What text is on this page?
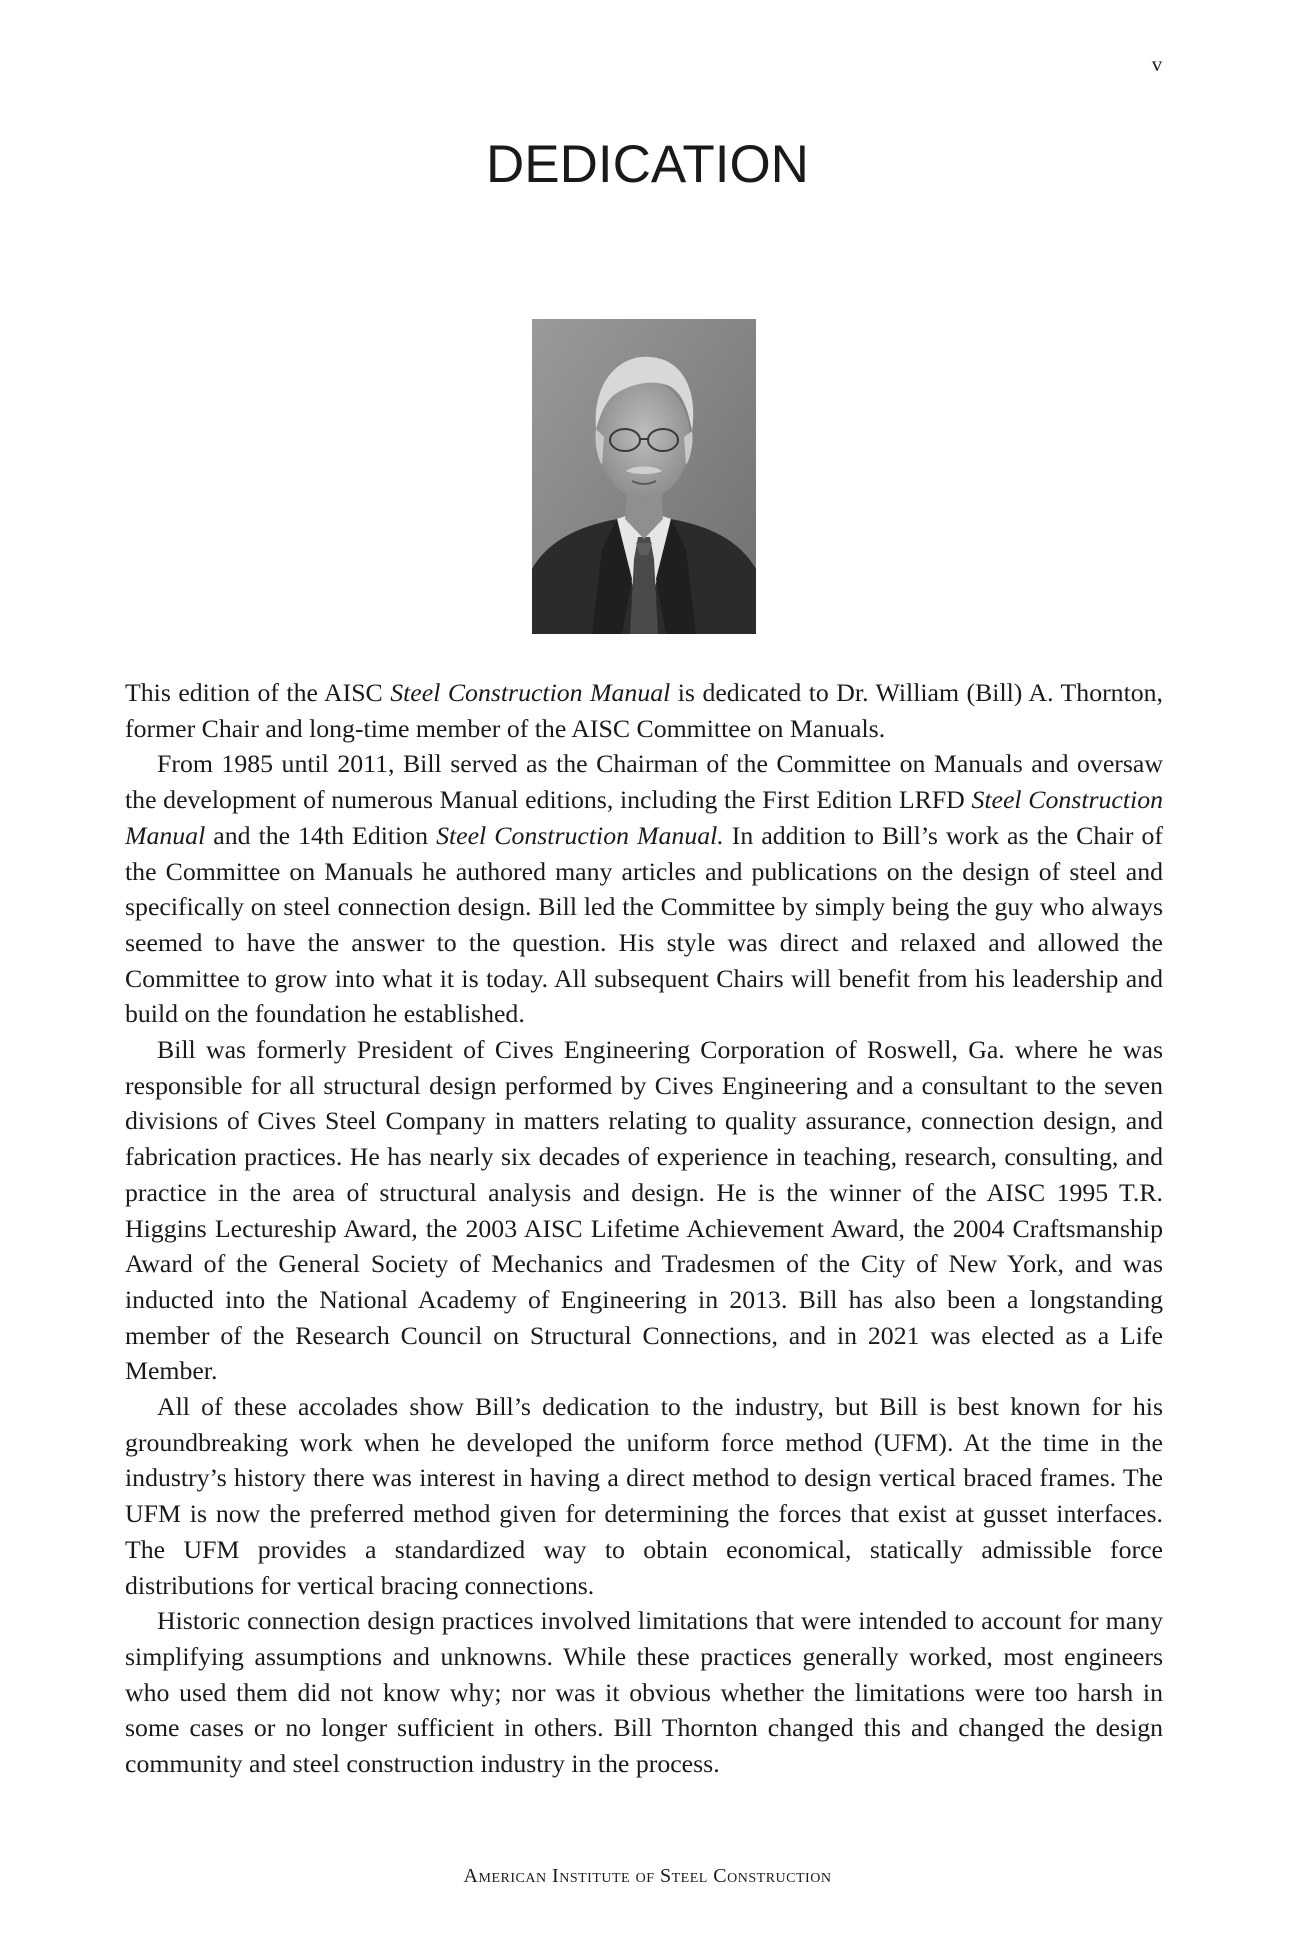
v
DEDICATION

This edition of the AISC Steel Construction Manual is dedicated to Dr. William (Bill) A. Thornton, former Chair and long-time member of the AISC Committee on Manuals.

From 1985 until 2011, Bill served as the Chairman of the Committee on Manuals and oversaw the development of numerous Manual editions, including the First Edition LRFD Steel Construction Manual and the 14th Edition Steel Construction Manual. In addition to Bill’s work as the Chair of the Committee on Manuals he authored many articles and publications on the design of steel and specifically on steel connection design. Bill led the Committee by simply being the guy who always seemed to have the answer to the question. His style was direct and relaxed and allowed the Committee to grow into what it is today. All subsequent Chairs will benefit from his leadership and build on the foundation he established.

Bill was formerly President of Cives Engineering Corporation of Roswell, Ga. where he was responsible for all structural design performed by Cives Engineering and a consultant to the seven divisions of Cives Steel Company in matters relating to quality assurance, connection design, and fabrication practices. He has nearly six decades of experience in teaching, research, consulting, and practice in the area of structural analysis and design. He is the winner of the AISC 1995 T.R. Higgins Lectureship Award, the 2003 AISC Lifetime Achievement Award, the 2004 Craftsmanship Award of the General Society of Mechanics and Tradesmen of the City of New York, and was inducted into the National Academy of Engineering in 2013. Bill has also been a longstanding member of the Research Council on Structural Connections, and in 2021 was elected as a Life Member.

All of these accolades show Bill’s dedication to the industry, but Bill is best known for his groundbreaking work when he developed the uniform force method (UFM). At the time in the industry’s history there was interest in having a direct method to design vertical braced frames. The UFM is now the preferred method given for determining the forces that exist at gusset interfaces. The UFM provides a standardized way to obtain economical, statically admissible force distributions for vertical bracing connections.

Historic connection design practices involved limitations that were intended to account for many simplifying assumptions and unknowns. While these practices generally worked, most engineers who used them did not know why; nor was it obvious whether the limitations were too harsh in some cases or no longer sufficient in others. Bill Thornton changed this and changed the design community and steel construction industry in the process.

American Institute of Steel Construction
